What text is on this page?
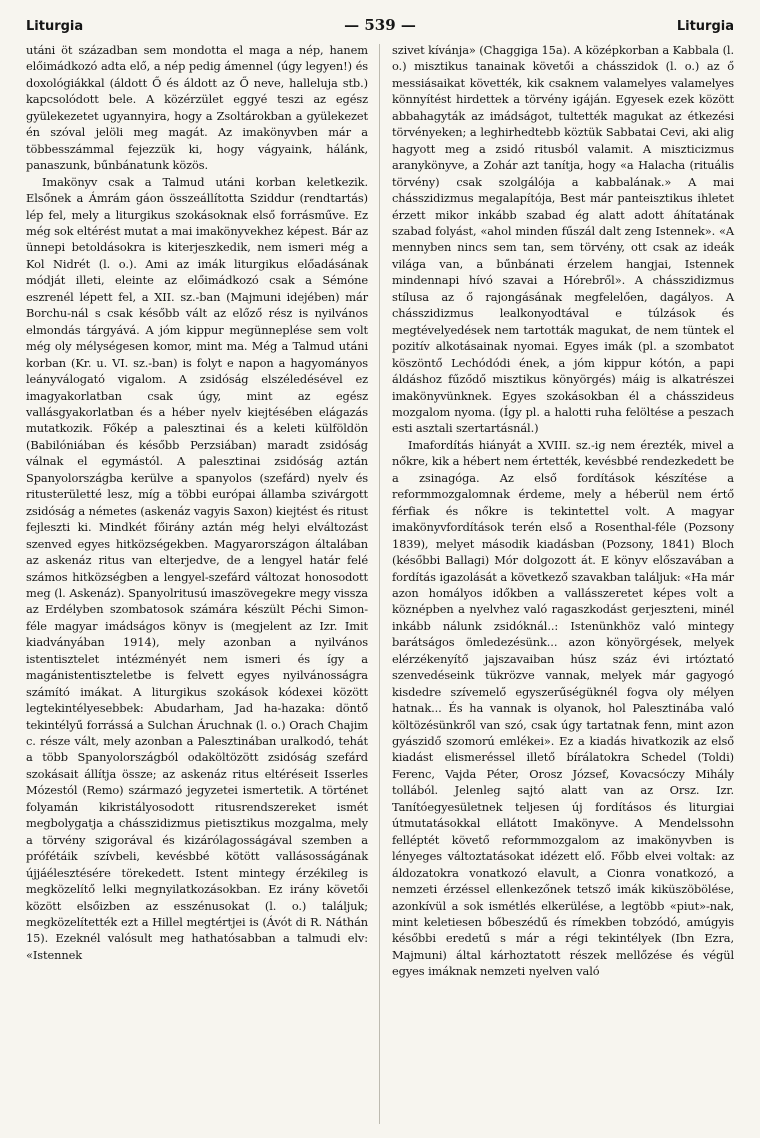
Liturgia	— 539 —	Liturgia

utáni öt században sem mondotta el maga a nép, hanem előimádkozó adta elő, a nép pedig ámennel (úgy legyen!) és doxológiákkal (áldott Ő és áldott az Ő neve, halleluja stb.) kapcsolódott bele. A közérzület eggyé teszi az egész gyülekezetet ugyannyira, hogy a Zsoltárokban a gyülekezet én szóval jelöli meg magát. Az imakönyvben már a többesszámmal fejezzük ki, hogy vágyaink, hálánk, panaszunk, bűnbánatunk közös.

Imakönyv csak a Talmud utáni korban keletkezik. Elsőnek a Ámrám gáon összeállította Sziddur (rendtartás) lép fel, mely a liturgikus szokásoknak első forrásműve. Ez még sok eltérést mutat a mai imakönyvekhez képest. Bár az ünnepi betoldásokra is kiterjeszkedik, nem ismeri még a Kol Nidrét (l. o.). Ami az imák liturgikus előadásának módját illeti, eleinte az előimádkozó csak a Sémóne eszrenél lépett fel, a XII. sz.-ban (Majmuni idejében) már Borchu-nál s csak később vált az előző rész is nyilvános elmondás tárgyává. A jóm kippur megünneplése sem volt még oly mélységesen komor, mint ma. Még a Talmud utáni korban (Kr. u. VI. sz.-ban) is folyt e napon a hagyományos leányválogató vigalom. A zsidóság elszéledésével ez imagyakorlatban csak úgy, mint az egész vallásgyakorlatban és a héber nyelv kiejtésében elágazás mutatkozik. Főkép a palesztinai és a keleti külföldön (Babilóniában és később Perzsiában) maradt zsidóság válnak el egymástól. A palesztinai zsidóság aztán Spanyolországba kerülve a spanyolos (szefárd) nyelv és ritusterületté lesz, míg a többi európai államba szivárgott zsidóság a németes (askenáz vagyis Saxon) kiejtést és ritust fejleszti ki. Mindkét főirány aztán még helyi elváltozást szenved egyes hitközségekben. Magyarországon általában az askenáz ritus van elterjedve, de a lengyel határ felé számos hitközségben a lengyel-szefárd változat honosodott meg (l. Askenáz). Spanyolritusú imaszövegekre megy vissza az Erdélyben szombatosok számára készült Péchi Simon-féle magyar imádságos könyv is (megjelent az Izr. Imit kiadványában 1914), mely azonban a nyilvános istentisztelet intézményét nem ismeri és így a magánistentiszteletbe is felvett egyes nyilvánosságra számító imákat. A liturgikus szokások kódexei között legtekintélyesebbek: Abudarham, Jad ha-hazaka: döntő tekintélyű forrássá a Sulchan Áruchnak (l. o.) Orach Chajim c. része vált, mely azonban a Palesztinában uralkodó, tehát a több Spanyolországból odaköltözött zsidóság szefárd szokásait állítja össze; az askenáz ritus eltéréseit Isserles Mózestól (Remo) származó jegyzetei ismertetik. A történet folyamán kikristályosodott ritusrendszereket ismét megbolygatja a chásszidizmus pietisztikus mozgalma, mely a törvény szigorával és kizárólagosságával szemben a prófétáik szívbeli, kevésbbé kötött vallásosságának újjáélesztésére törekedett. Istent mintegy érzékileg is megközelítő lelki megnyilatkozásokban. Ez irány követői között elsőizben az esszénusokat (l. o.) találjuk; megközelítették ezt a Hillel megtértjei is (Ávót di R. Náthán 15). Ezeknél valósult meg hathatósabban a talmudi elv: «Istennek

szivet kívánja» (Chaggiga 15a). A középkorban a Kabbala (l. o.) misztikus tanainak követői a chásszidok (l. o.) az ő messiásaikat követték, kik csaknem valamelyes valamelyes könnyítést hirdettek a törvény igáján. Egyesek ezek között abbahagyták az imádságot, tultették magukat az étkezési törvényeken; a leghirhedtebb köztük Sabbatai Cevi, aki alig hagyott meg a zsidó ritusból valamit. A miszticizmus aranykönyve, a Zohár azt tanítja, hogy «a Halacha (rituális törvény) csak szolgálója a kabbalának.» A mai chásszidizmus megalapítója, Best már panteisztikus ihletet érzett mikor inkább szabad ég alatt adott áhítatának szabad folyást, «ahol minden fűszál dalt zeng Istennek». «A mennyben nincs sem tan, sem törvény, ott csak az ideák világa van, a bűnbánati érzelem hangjai, Istennek mindennapi hívó szavai a Hórebről». A chásszidizmus stílusa az ő rajongásának megfelelően, dagályos. A chásszidizmus lealkonyodtával e túlzások és megtévelyedések nem tartották magukat, de nem tüntek el pozitív alkotásainak nyomai. Egyes imák (pl. a szombatot köszöntő Lechódódi ének, a jóm kippur kótón, a papi áldáshoz fűződő misztikus könyörgés) máig is alkatrészei imakönyvünknek. Egyes szokásokban él a chásszideus mozgalom nyoma. (Így pl. a halotti ruha felöltése a peszach esti asztali szertartásnál.)

Imafordítás hiányát a XVIII. sz.-ig nem érezték, mivel a nőkre, kik a hébert nem értették, kevésbbé rendezkedett be a zsinagóga. Az első fordítások készítése a reformmozgalomnak érdeme, mely a héberül nem értő férfiak és nőkre is tekintettel volt. A magyar imakönyvfordítások terén első a Rosenthal-féle (Pozsony 1839), melyet második kiadásban (Pozsony, 1841) Bloch (későbbi Ballagi) Mór dolgozott át. E könyv előszavában a fordítás igazolását a következő szavakban találjuk: «Ha már azon homályos időkben a vallásszeretet képes volt a köznépben a nyelvhez való ragaszkodást gerjeszteni, minél inkább nálunk zsidóknál..: Istenünkhöz való mintegy barátságos ömledezésünk... azon könyörgések, melyek elérzékenyítő jajszavaiban húsz száz évi irtóztató szenvedéseink tükrözve vannak, melyek már gagyogó kisdedre szívemelő egyszerűségüknél fogva oly mélyen hatnak... És ha vannak is olyanok, hol Palesztinába való költözésünkről van szó, csak úgy tartatnak fenn, mint azon gyászidő szomorú emlékei». Ez a kiadás hivatkozik az első kiadást elismeréssel illető bírálatokra Schedel (Toldi) Ferenc, Vajda Péter, Orosz József, Kovacsóczy Mihály tollából. Jelenleg sajtó alatt van az Orsz. Izr. Tanítóegyesületnek teljesen új fordításos és liturgiai útmutatásokkal ellátott Imakönyve. A Mendelssohn felléptét követő reformmozgalom az imakönyvben is lényeges változtatásokat idézett elő. Főbb elvei voltak: az áldozatokra vonatkozó elavult, a Cionra vonatkozó, a nemzeti érzéssel ellenkezőnek tetsző imák kiküszöbölése, azonkívül a sok ismétlés elkerülése, a legtöbb «piut»-nak, mint keletiesen bőbeszédű és rímekben tobzódó, amúgyis későbbi eredetű s már a régi tekintélyek (Ibn Ezra, Majmuni) által kárhoztatott részek mellőzése és végül egyes imáknak nemzeti nyelven való
